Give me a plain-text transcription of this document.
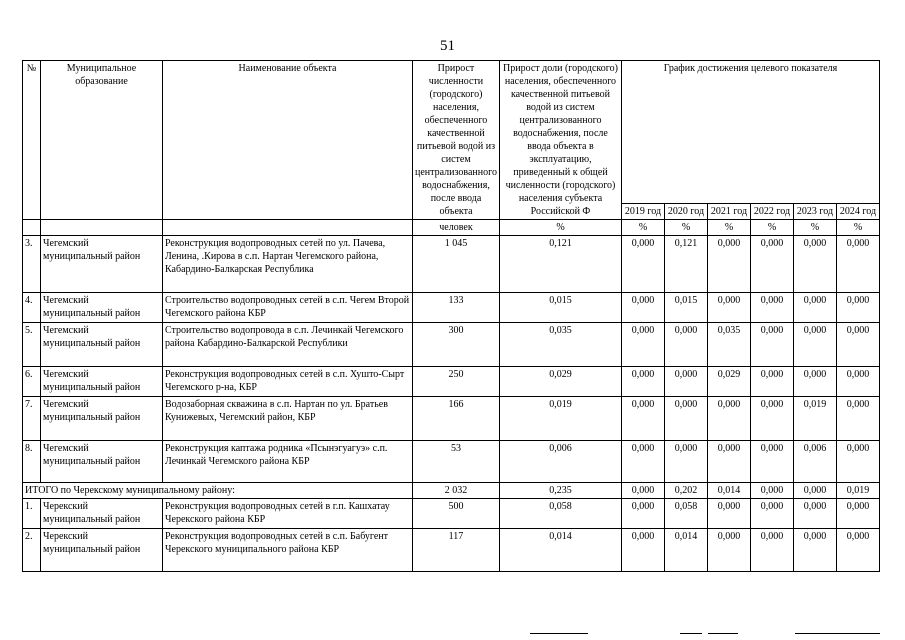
51
№	Муниципальное образование	Наименование объекта	Прирост численности (городского) населения, обеспеченного качественной питьевой водой из систем централизованного водоснабжения, после ввода объекта	Прирост доли (городского) населения, обеспеченного качественной питьевой водой из систем централизованного водоснабжения, после ввода объекта в эксплуатацию, приведенный к общей численности (городского) населения субъекта Российской Ф	График достижения целевого показателя					
					2019 год	2020 год	2021 год	2022 год	2023 год	2024 год
			человек	%	%	%	%	%	%	%
3.	Чегемский муниципальный район	Реконструкция водопроводных сетей по ул. Пачева, Ленина, .Кирова в с.п. Нартан Чегемского района, Кабардино-Балкарская Республика	1 045	0,121	0,000	0,121	0,000	0,000	0,000	0,000
4.	Чегемский муниципальный район	Строительство водопроводных сетей в с.п. Чегем Второй Чегемского района КБР	133	0,015	0,000	0,015	0,000	0,000	0,000	0,000
5.	Чегемский муниципальный район	Строительство водопровода в с.п. Лечинкай Чегемского района Кабардино-Балкарской Республики	300	0,035	0,000	0,000	0,035	0,000	0,000	0,000
6.	Чегемский муниципальный район	Реконструкция водопроводных сетей в с.п. Хушто-Сырт Чегемского р-на, КБР	250	0,029	0,000	0,000	0,029	0,000	0,000	0,000
7.	Чегемский муниципальный район	Водозаборная скважина в с.п. Нартан по ул. Братьев Кунижевых, Чегемский район, КБР	166	0,019	0,000	0,000	0,000	0,000	0,019	0,000
8.	Чегемский муниципальный район	Реконструкция каптажа родника «Псынэгуагуэ» с.п. Лечинкай Чегемского района КБР	53	0,006	0,000	0,000	0,000	0,000	0,006	0,000
ИТОГО по Черекскому муниципальному району:			2 032	0,235	0,000	0,202	0,014	0,000	0,000	0,019
1.	Черекский муниципальный район	Реконструкция водопроводных сетей в г.п. Кашхатау Черекского района КБР	500	0,058	0,000	0,058	0,000	0,000	0,000	0,000
2.	Черекский муниципальный район	Реконструкция водопроводных сетей в с.п. Бабугент Черекского муниципального района КБР	117	0,014	0,000	0,014	0,000	0,000	0,000	0,000
